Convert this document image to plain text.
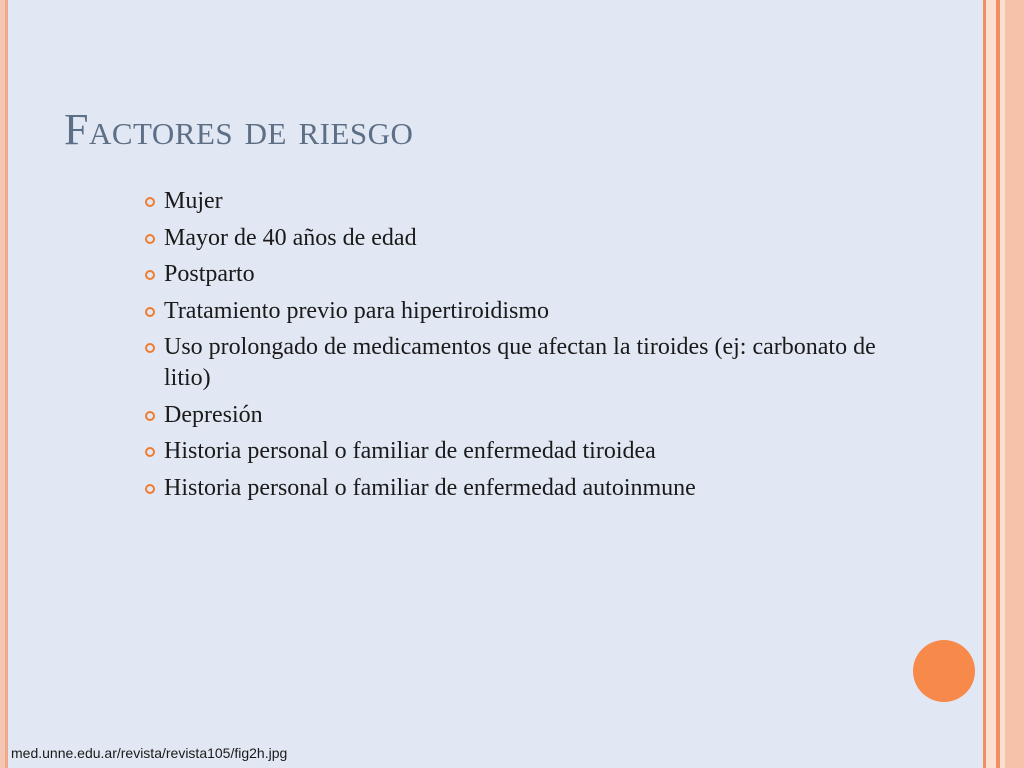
Factores de riesgo
Mujer
Mayor de 40 años de edad
Postparto
Tratamiento previo para hipertiroidismo
Uso prolongado de medicamentos que afectan la tiroides (ej: carbonato de litio)
Depresión
Historia personal o familiar de enfermedad tiroidea
Historia personal o familiar de enfermedad autoinmune
med.unne.edu.ar/revista/revista105/fig2h.jpg
